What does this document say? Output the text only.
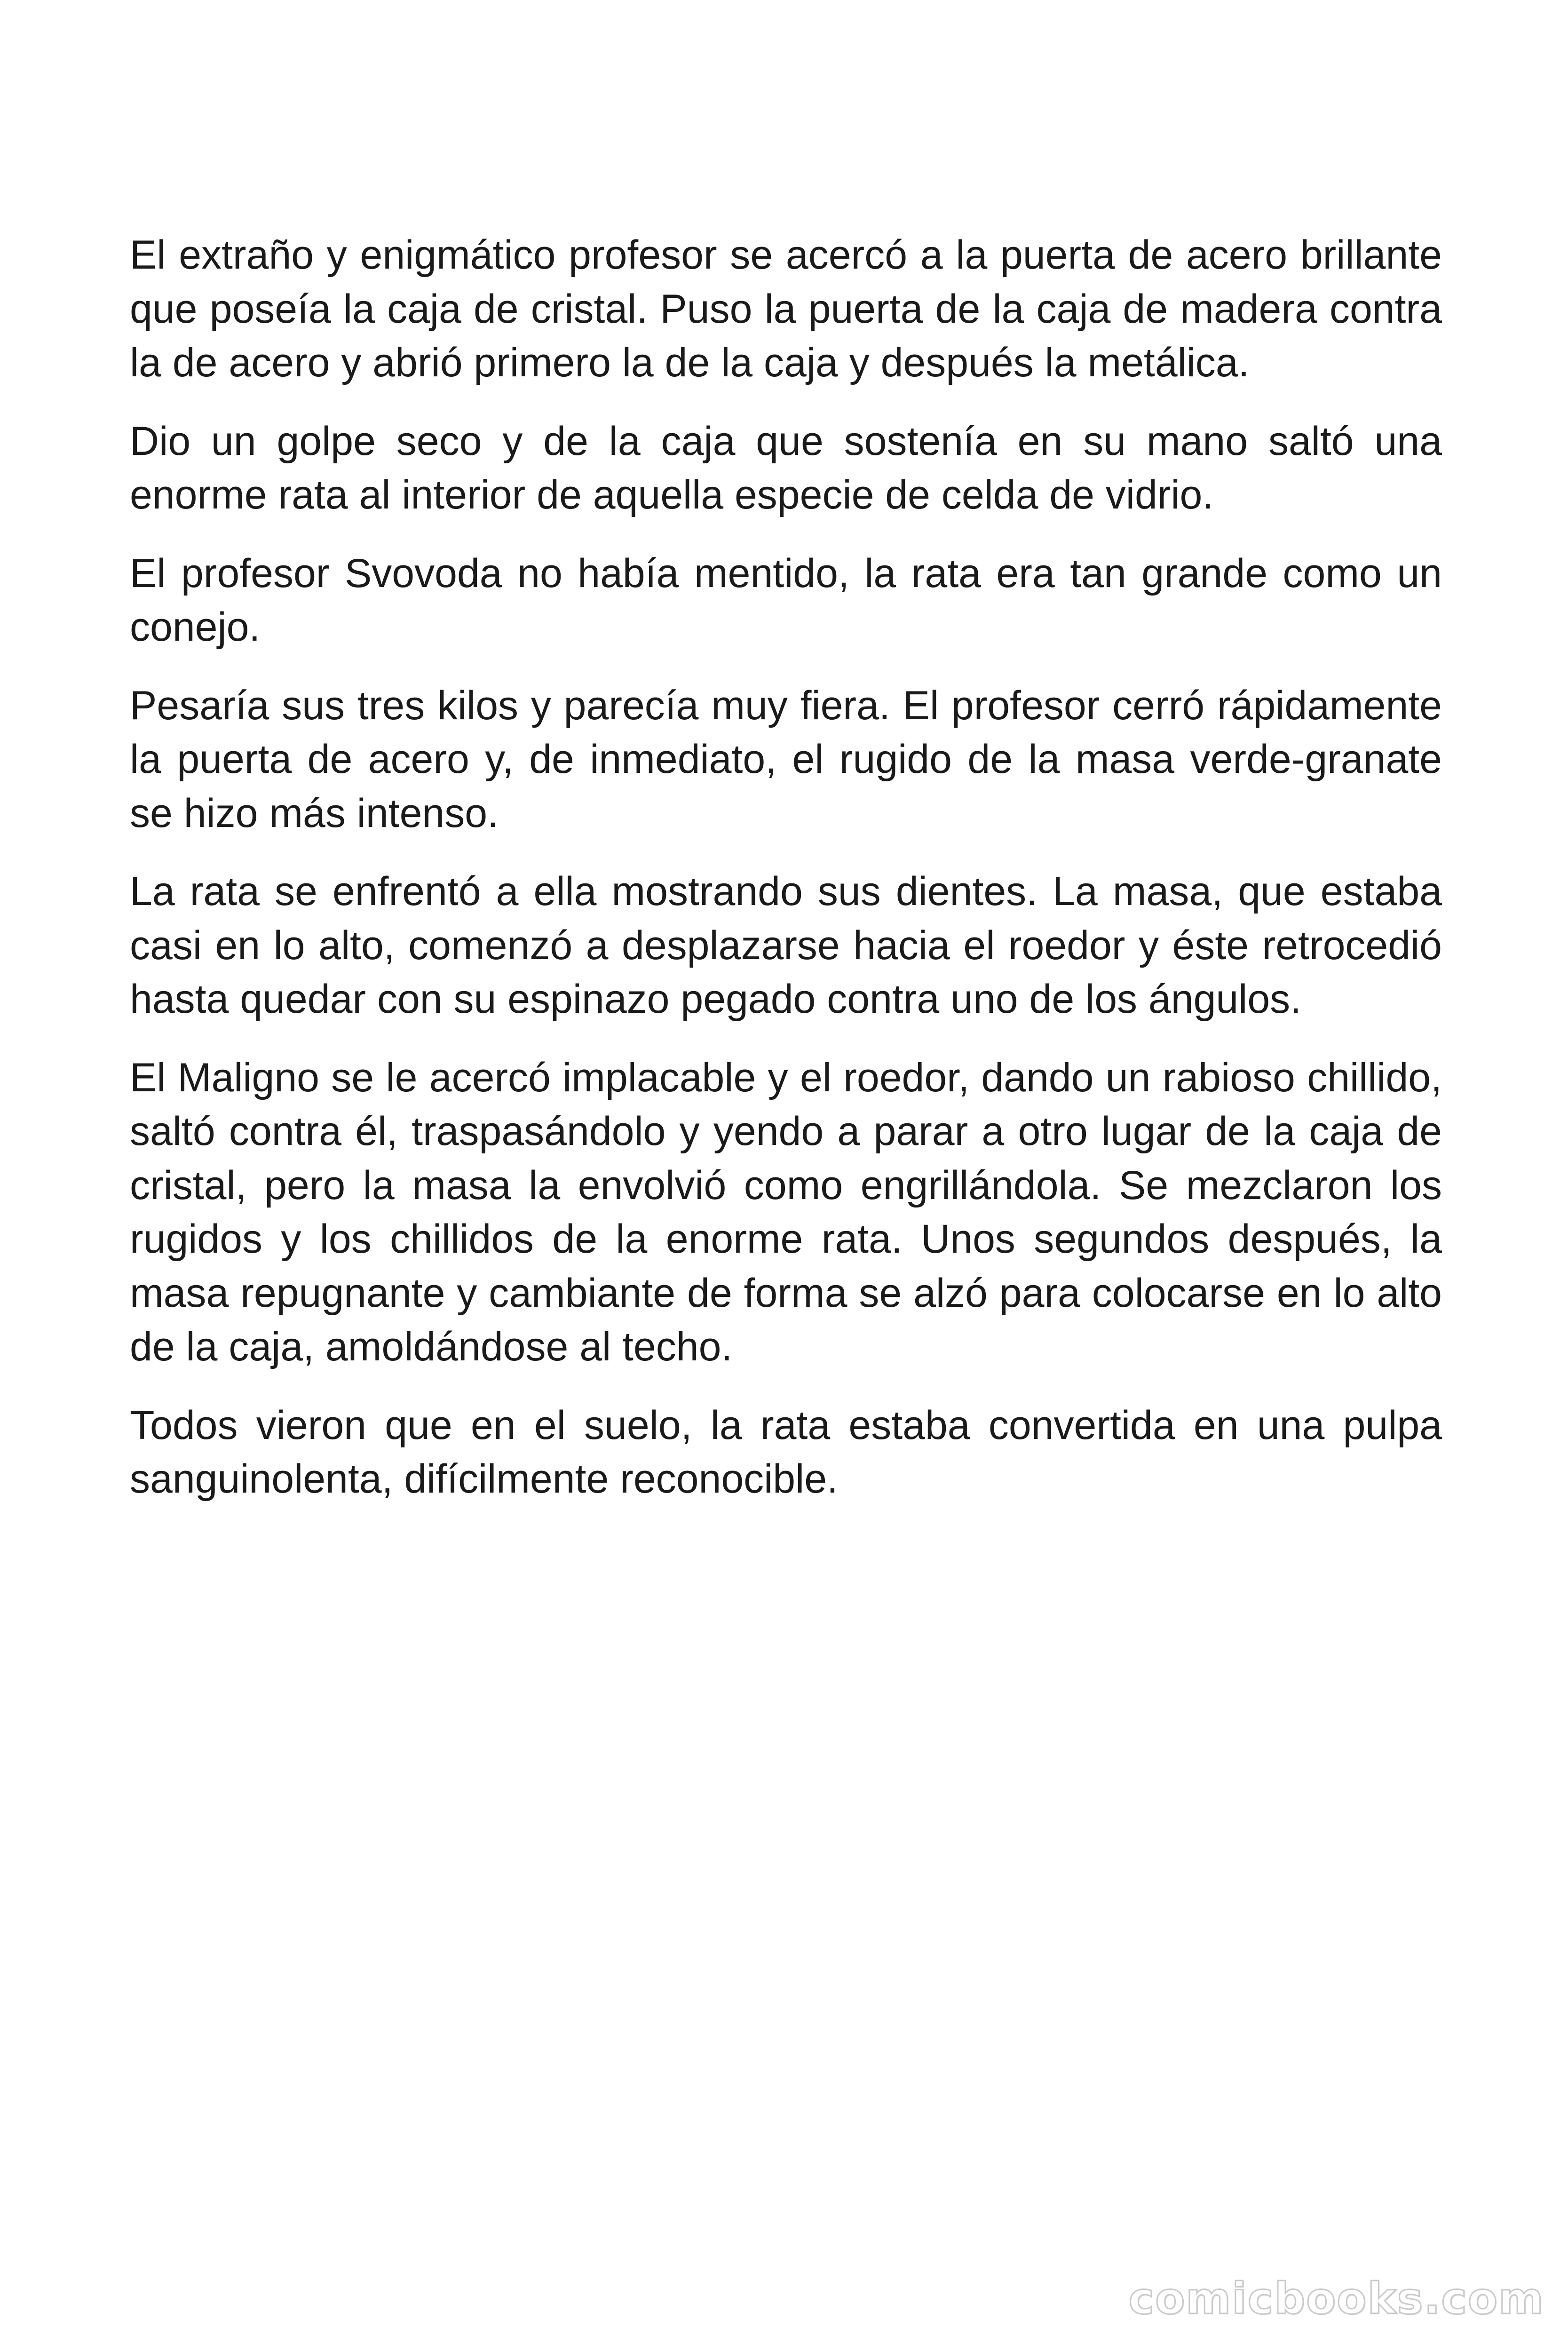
El extraño y enigmático profesor se acercó a la puerta de acero brillante que poseía la caja de cristal. Puso la puerta de la caja de madera contra la de acero y abrió primero la de la caja y después la metálica.

Dio un golpe seco y de la caja que sostenía en su mano saltó una enorme rata al interior de aquella especie de celda de vidrio.

El profesor Svovoda no había mentido, la rata era tan grande como un conejo.

Pesaría sus tres kilos y parecía muy fiera. El profesor cerró rápidamente la puerta de acero y, de inmediato, el rugido de la masa verde-granate se hizo más intenso.

La rata se enfrentó a ella mostrando sus dientes. La masa, que estaba casi en lo alto, comenzó a desplazarse hacia el roedor y éste retrocedió hasta quedar con su espinazo pegado contra uno de los ángulos.

El Maligno se le acercó implacable y el roedor, dando un rabioso chillido, saltó contra él, traspasándolo y yendo a parar a otro lugar de la caja de cristal, pero la masa la envolvió como engrillándola. Se mezclaron los rugidos y los chillidos de la enorme rata. Unos segundos después, la masa repugnante y cambiante de forma se alzó para colocarse en lo alto de la caja, amoldándose al techo.

Todos vieron que en el suelo, la rata estaba convertida en una pulpa sanguinolenta, difícilmente reconocible.

comicbooks.com
